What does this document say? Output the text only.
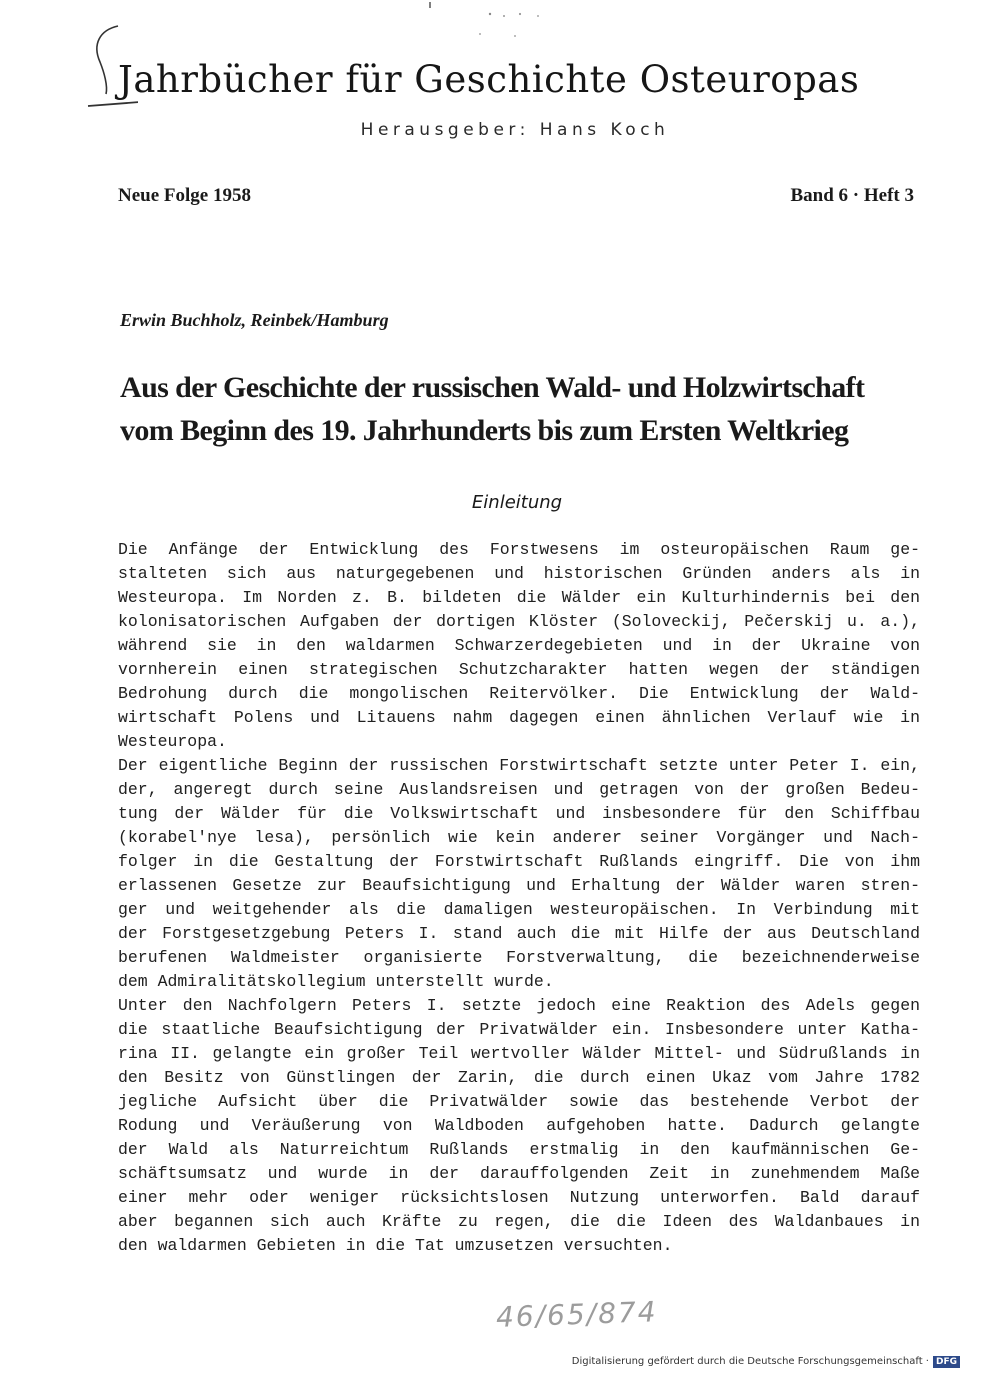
Jahrbücher für Geschichte Osteuropas
Herausgeber: Hans Koch
Neue Folge 1958	Band 6 · Heft 3
Erwin Buchholz, Reinbek/Hamburg
Aus der Geschichte der russischen Wald- und Holzwirtschaft
vom Beginn des 19. Jahrhunderts bis zum Ersten Weltkrieg
Einleitung
Die Anfänge der Entwicklung des Forstwesens im osteuropäischen Raum ge-
stalteten sich aus naturgegebenen und historischen Gründen anders als in
Westeuropa. Im Norden z. B. bildeten die Wälder ein Kulturhindernis bei den
kolonisatorischen Aufgaben der dortigen Klöster (Soloveckij, Pečerskij u. a.),
während sie in den waldarmen Schwarzerdegebieten und in der Ukraine von
vornherein einen strategischen Schutzcharakter hatten wegen der ständigen
Bedrohung durch die mongolischen Reitervölker. Die Entwicklung der Wald-
wirtschaft Polens und Litauens nahm dagegen einen ähnlichen Verlauf wie in
Westeuropa.
Der eigentliche Beginn der russischen Forstwirtschaft setzte unter Peter I. ein,
der, angeregt durch seine Auslandsreisen und getragen von der großen Bedeu-
tung der Wälder für die Volkswirtschaft und insbesondere für den Schiffbau
(korabel'nye lesa), persönlich wie kein anderer seiner Vorgänger und Nach-
folger in die Gestaltung der Forstwirtschaft Rußlands eingriff. Die von ihm
erlassenen Gesetze zur Beaufsichtigung und Erhaltung der Wälder waren stren-
ger und weitgehender als die damaligen westeuropäischen. In Verbindung mit
der Forstgesetzgebung Peters I. stand auch die mit Hilfe der aus Deutschland
berufenen Waldmeister organisierte Forstverwaltung, die bezeichnenderweise
dem Admiralitätskollegium unterstellt wurde.
Unter den Nachfolgern Peters I. setzte jedoch eine Reaktion des Adels gegen
die staatliche Beaufsichtigung der Privatwälder ein. Insbesondere unter Katha-
rina II. gelangte ein großer Teil wertvoller Wälder Mittel- und Südrußlands in
den Besitz von Günstlingen der Zarin, die durch einen Ukaz vom Jahre 1782
jegliche Aufsicht über die Privatwälder sowie das bestehende Verbot der
Rodung und Veräußerung von Waldboden aufgehoben hatte. Dadurch gelangte
der Wald als Naturreichtum Rußlands erstmalig in den kaufmännischen Ge-
schäftsumsatz und wurde in der darauffolgenden Zeit in zunehmendem Maße
einer mehr oder weniger rücksichtslosen Nutzung unterworfen. Bald darauf
aber begannen sich auch Kräfte zu regen, die die Ideen des Waldanbaues in
den waldarmen Gebieten in die Tat umzusetzen versuchten.
46/65/874
Digitalisierung gefördert durch die Deutsche Forschungsgemeinschaft · DFG
